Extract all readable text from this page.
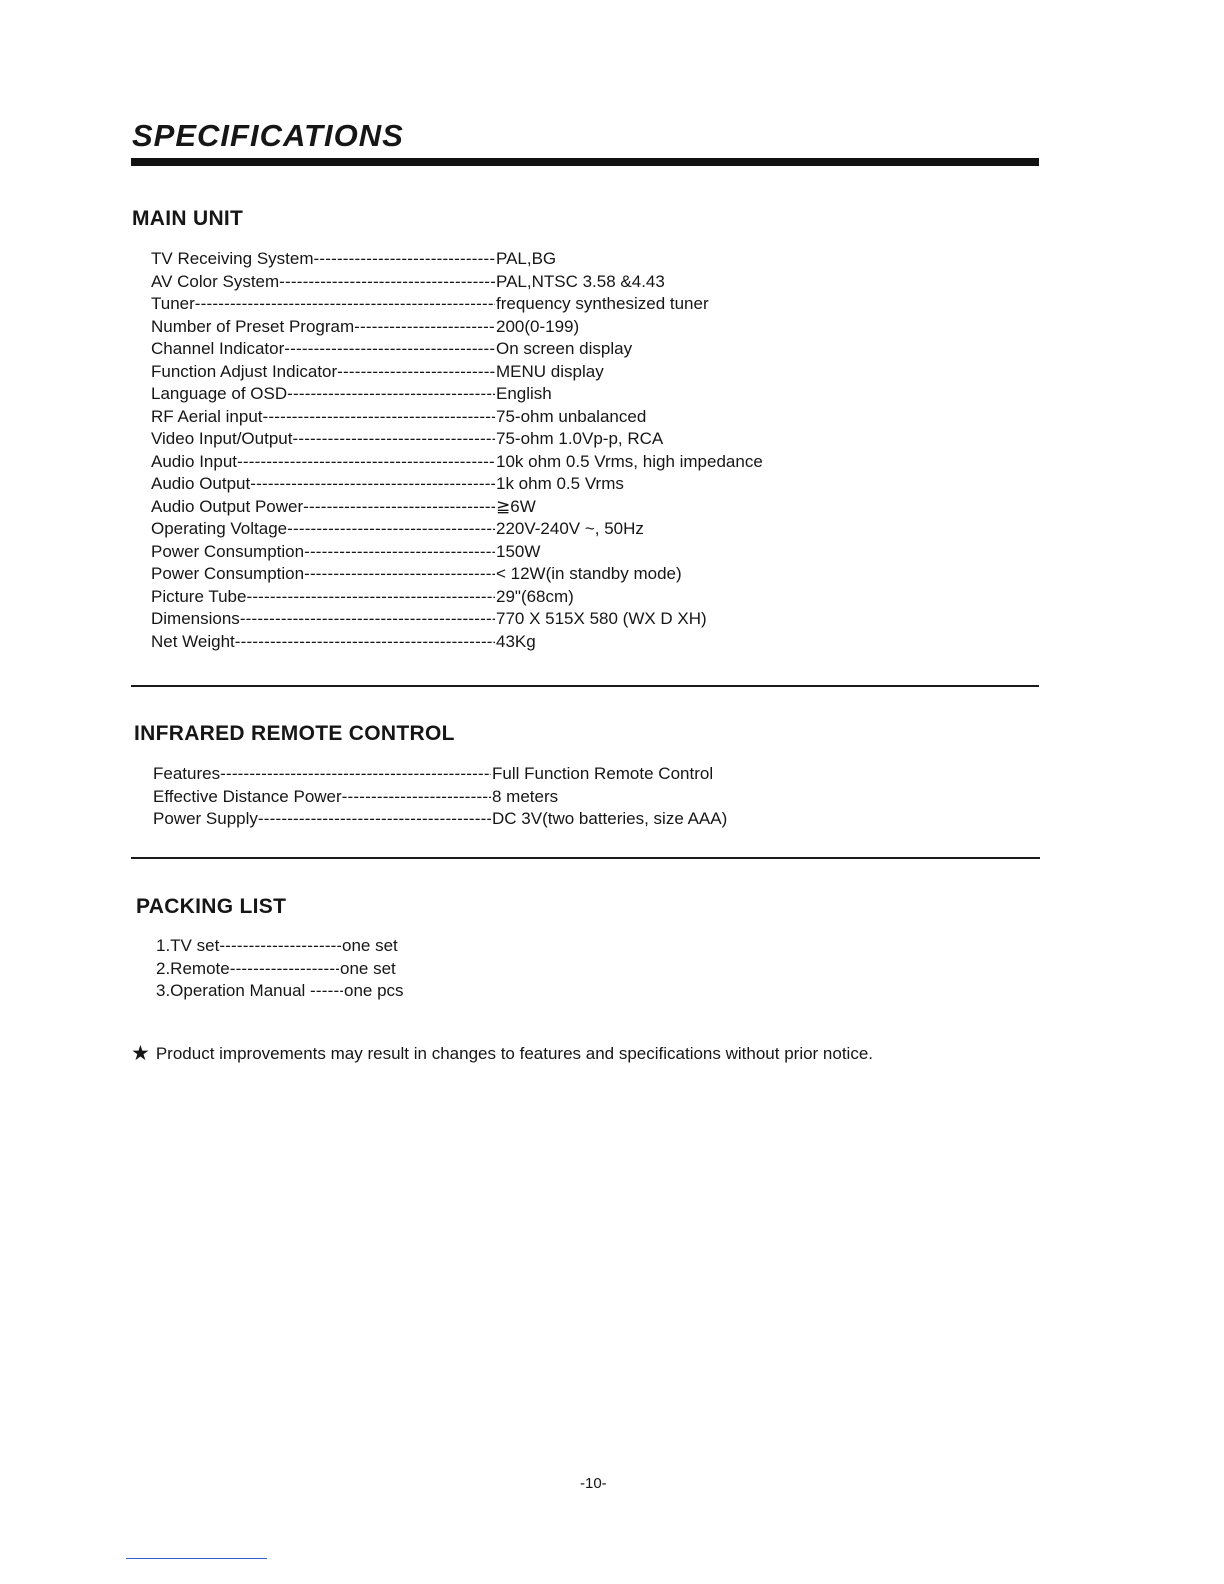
SPECIFICATIONS
MAIN UNIT
TV Receiving System -----	PAL,BG
AV Color System -----	PAL,NTSC 3.58 &4.43
Tuner -----	frequency synthesized tuner
Number of Preset Program -----	200(0-199)
Channel Indicator -----	On screen display
Function Adjust Indicator -----	MENU display
Language of OSD -----	English
RF Aerial input -----	75-ohm unbalanced
Video Input/Output -----	75-ohm 1.0Vp-p, RCA
Audio Input -----	10k ohm 0.5 Vrms, high impedance
Audio Output -----	1k ohm 0.5 Vrms
Audio Output Power -----	≧6W
Operating Voltage -----	220V-240V ~, 50Hz
Power Consumption -----	150W
Power Consumption -----	< 12W(in standby mode)
Picture Tube -----	29"(68cm)
Dimensions -----	770 X 515X 580 (WX D XH)
Net Weight -----	43Kg
INFRARED REMOTE CONTROL
Features -----	Full Function Remote Control
Effective Distance Power -----	8 meters
Power Supply -----	DC 3V(two batteries, size AAA)
PACKING LIST
1.TV set -----	one set
2.Remote -----	one set
3.Operation Manual -----	one pcs
★ Product improvements may result in changes to features and specifications without prior notice.
-10-
